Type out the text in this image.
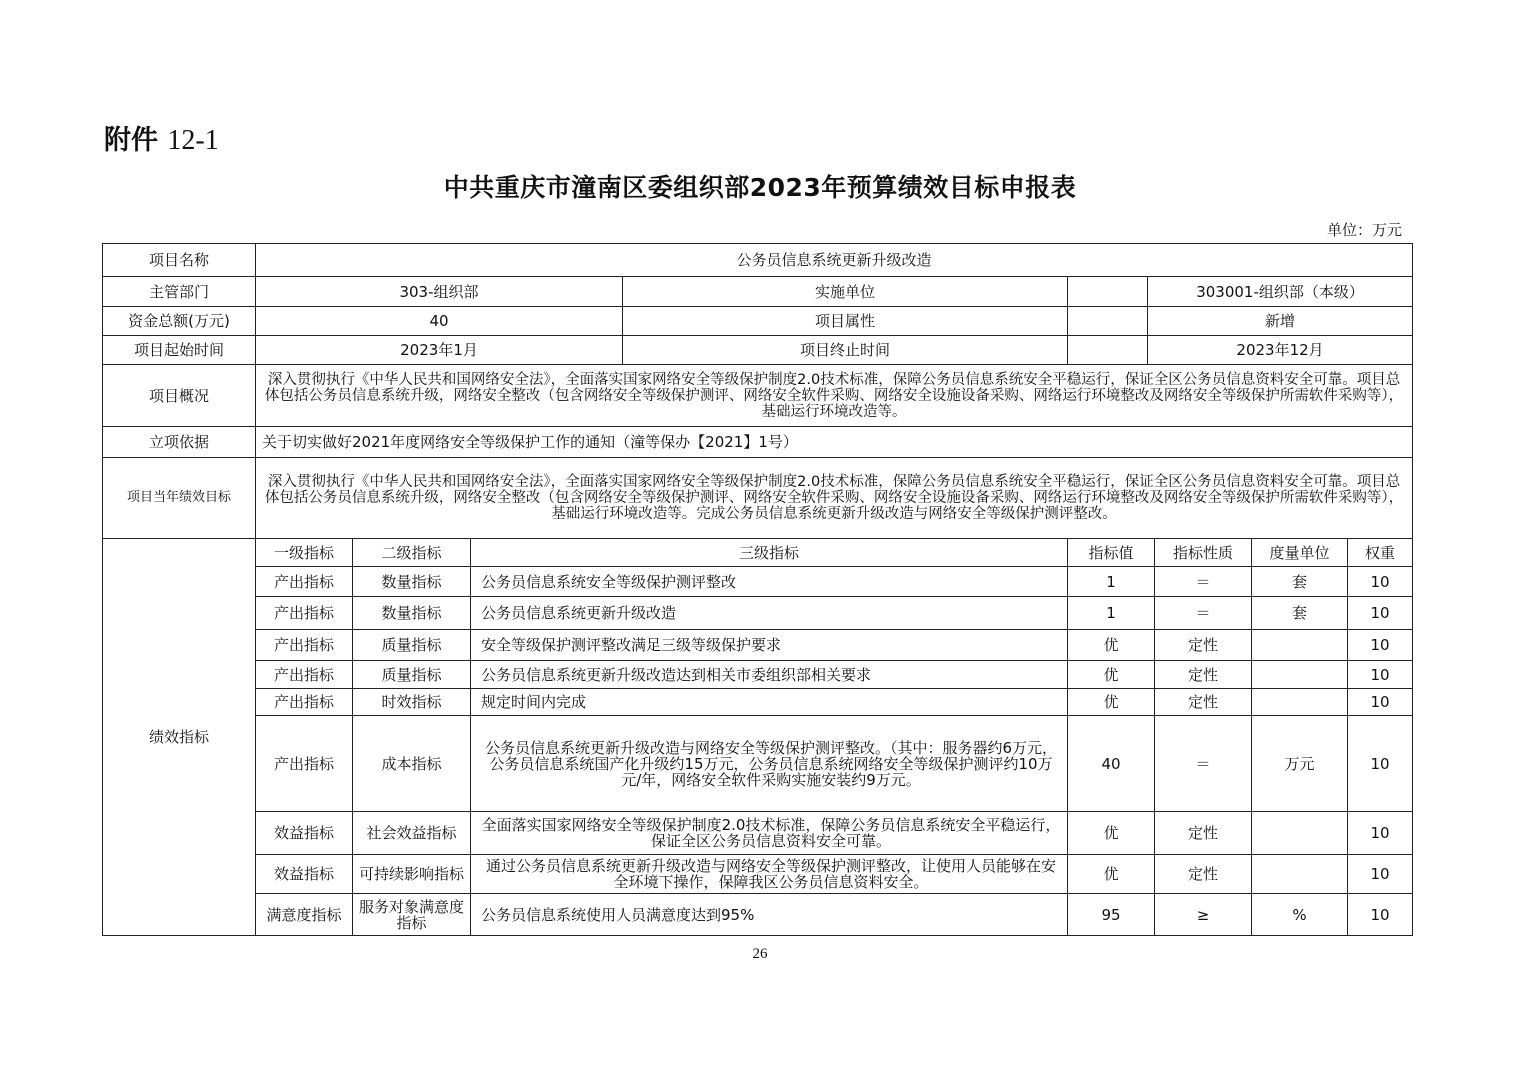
附件 12-1
中共重庆市潼南区委组织部2023年预算绩效目标申报表
单位：万元
项目名称	公务员信息系统更新升级改造						
主管部门	303-组织部 实施单位			303001-组织部（本级）			

资金总额(万元)	40 项目属性			新增			

项目起始时间	2023年1月 项目终止时间			2023年12月			

项目概况	深入贯彻执行《中华人民共和国网络安全法》，全面落实国家网络安全等级保护制度2.0技术标准，保障公务员信息系统安全平稳运行，保证全区公务员信息资料安全可靠。项目总体包括公务员信息系统升级，网络安全整改（包含网络安全等级保护测评、网络安全软件采购、网络安全设施设备采购、网络运行环境整改及网络安全等级保护所需软件采购等），基础运行环境改造等。						
立项依据	关于切实做好2021年度网络安全等级保护工作的通知（潼等保办【2021】1号）						
项目当年绩效目标	深入贯彻执行《中华人民共和国网络安全法》，全面落实国家网络安全等级保护制度2.0技术标准，保障公务员信息系统安全平稳运行，保证全区公务员信息资料安全可靠。项目总体包括公务员信息系统升级，网络安全整改（包含网络安全等级保护测评、网络安全软件采购、网络安全设施设备采购、网络运行环境整改及网络安全等级保护所需软件采购等），基础运行环境改造等。完成公务员信息系统更新升级改造与网络安全等级保护测评整改。						
绩效指标	一级指标	二级指标	三级指标	指标值	指标性质	度量单位	权重
	产出指标	数量指标	公务员信息系统安全等级保护测评整改	1	＝	套	10
	产出指标	数量指标	公务员信息系统更新升级改造	1	＝	套	10
	产出指标	质量指标	安全等级保护测评整改满足三级等级保护要求	优	定性		10
	产出指标	质量指标	公务员信息系统更新升级改造达到相关市委组织部相关要求	优	定性		10
	产出指标	时效指标	规定时间内完成	优	定性		10
	产出指标	成本指标	公务员信息系统更新升级改造与网络安全等级保护测评整改。（其中：服务器约6万元，公务员信息系统国产化升级约15万元，公务员信息系统网络安全等级保护测评约10万元/年，网络安全软件采购实施安装约9万元。	40	＝	万元	10
	效益指标	社会效益指标	全面落实国家网络安全等级保护制度2.0技术标准，保障公务员信息系统安全平稳运行，保证全区公务员信息资料安全可靠。	优	定性		10
	效益指标	可持续影响指标	通过公务员信息系统更新升级改造与网络安全等级保护测评整改，让使用人员能够在安全环境下操作，保障我区公务员信息资料安全。	优	定性		10
	满意度指标	服务对象满意度指标	公务员信息系统使用人员满意度达到95%	95	≥	%	10
26
